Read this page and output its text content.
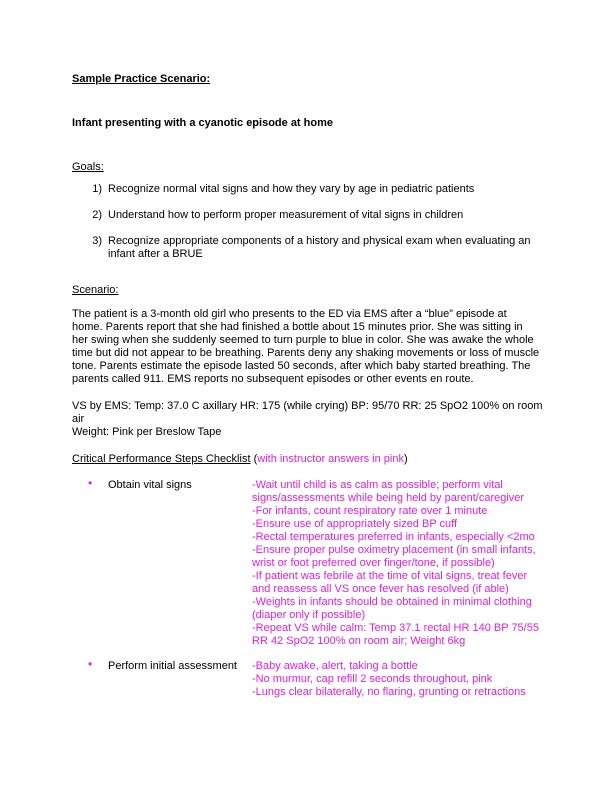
Sample Practice Scenario:
Infant presenting with a cyanotic episode at home
Goals:
1) Recognize normal vital signs and how they vary by age in pediatric patients
2) Understand how to perform proper measurement of vital signs in children
3) Recognize appropriate components of a history and physical exam when evaluating an
infant after a BRUE
Scenario:
The patient is a 3-month old girl who presents to the ED via EMS after a “blue” episode at
home. Parents report that she had finished a bottle about 15 minutes prior. She was sitting in
her swing when she suddenly seemed to turn purple to blue in color. She was awake the whole
time but did not appear to be breathing. Parents deny any shaking movements or loss of muscle
tone. Parents estimate the episode lasted 50 seconds, after which baby started breathing. The
parents called 911. EMS reports no subsequent episodes or other events en route.
VS by EMS: Temp: 37.0 C axillary HR: 175 (while crying) BP: 95/70 RR: 25 SpO2 100% on room
air
Weight: Pink per Breslow Tape
Critical Performance Steps Checklist (with instructor answers in pink)
• Obtain vital signs	-Wait until child is as calm as possible; perform vital
signs/assessments while being held by parent/caregiver
-For infants, count respiratory rate over 1 minute
-Ensure use of appropriately sized BP cuff
-Rectal temperatures preferred in infants, especially <2mo
-Ensure proper pulse oximetry placement (in small infants,
wrist or foot preferred over finger/tone, if possible)
-If patient was febrile at the time of vital signs, treat fever
and reassess all VS once fever has resolved (if able)
-Weights in infants should be obtained in minimal clothing
(diaper only if possible)
-Repeat VS while calm: Temp 37.1 rectal HR 140 BP 75/55
RR 42 SpO2 100% on room air; Weight 6kg
• Perform initial assessment -Baby awake, alert, taking a bottle
-No murmur, cap refill 2 seconds throughout, pink
-Lungs clear bilaterally, no flaring, grunting or retractions
